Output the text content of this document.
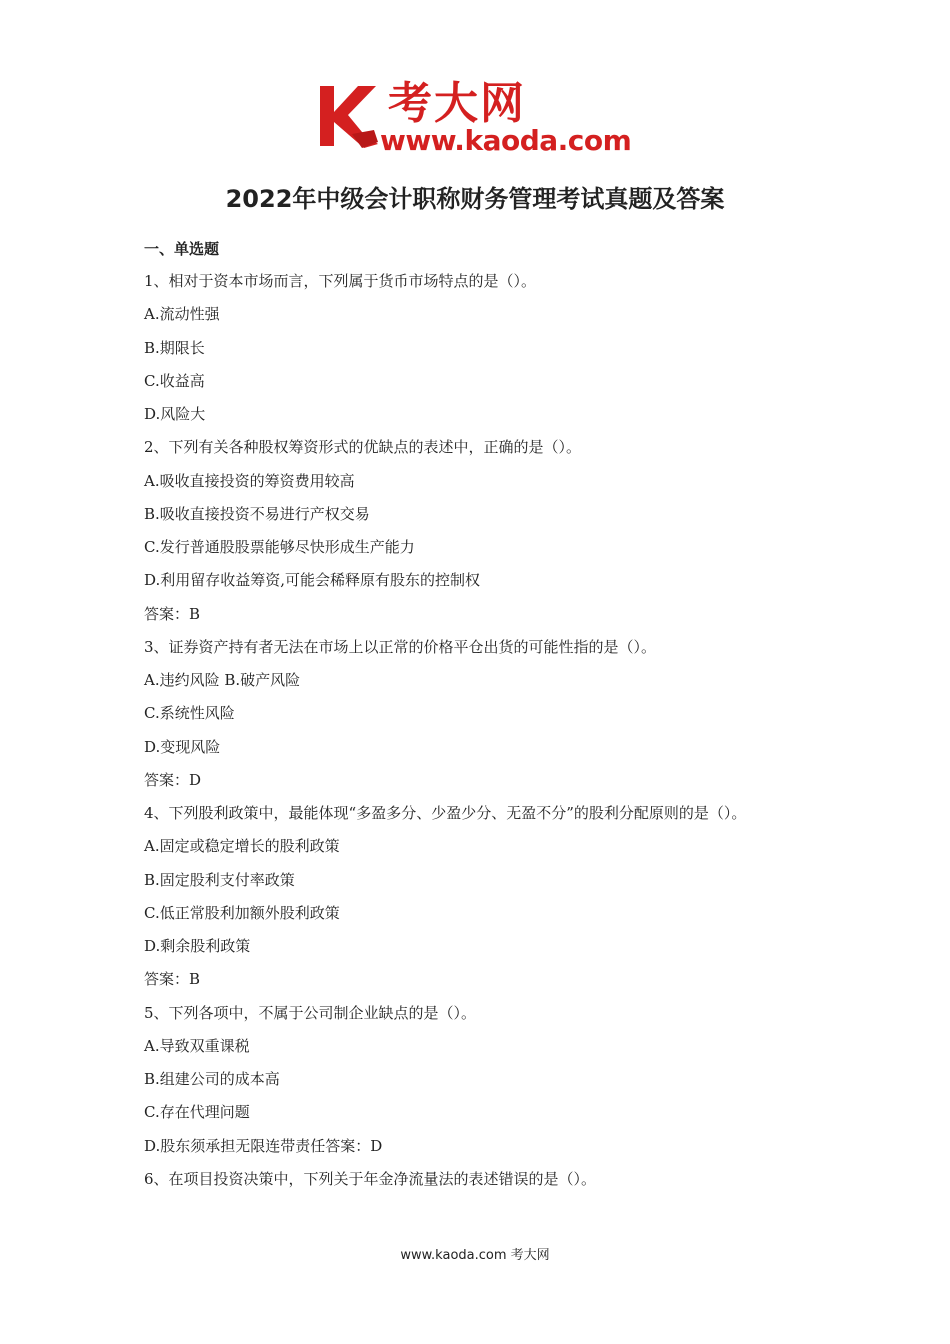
考大网
www.kaoda.com
2022年中级会计职称财务管理考试真题及答案
一、单选题
1、相对于资本市场而言，下列属于货币市场特点的是（）。
A.流动性强
B.期限长
C.收益高
D.风险大
2、下列有关各种股权筹资形式的优缺点的表述中，正确的是（）。
A.吸收直接投资的筹资费用较高
B.吸收直接投资不易进行产权交易
C.发行普通股股票能够尽快形成生产能力
D.利用留存收益筹资,可能会稀释原有股东的控制权
答案：B
3、证券资产持有者无法在市场上以正常的价格平仓出货的可能性指的是（）。
A.违约风险 B.破产风险
C.系统性风险
D.变现风险
答案：D
4、下列股利政策中，最能体现“多盈多分、少盈少分、无盈不分”的股利分配原则的是（）。
A.固定或稳定增长的股利政策
B.固定股利支付率政策
C.低正常股利加额外股利政策
D.剩余股利政策
答案：B
5、下列各项中，不属于公司制企业缺点的是（）。
A.导致双重课税
B.组建公司的成本高
C.存在代理问题
D.股东须承担无限连带责任答案：D
6、在项目投资决策中，下列关于年金净流量法的表述错误的是（）。
www.kaoda.com 考大网
